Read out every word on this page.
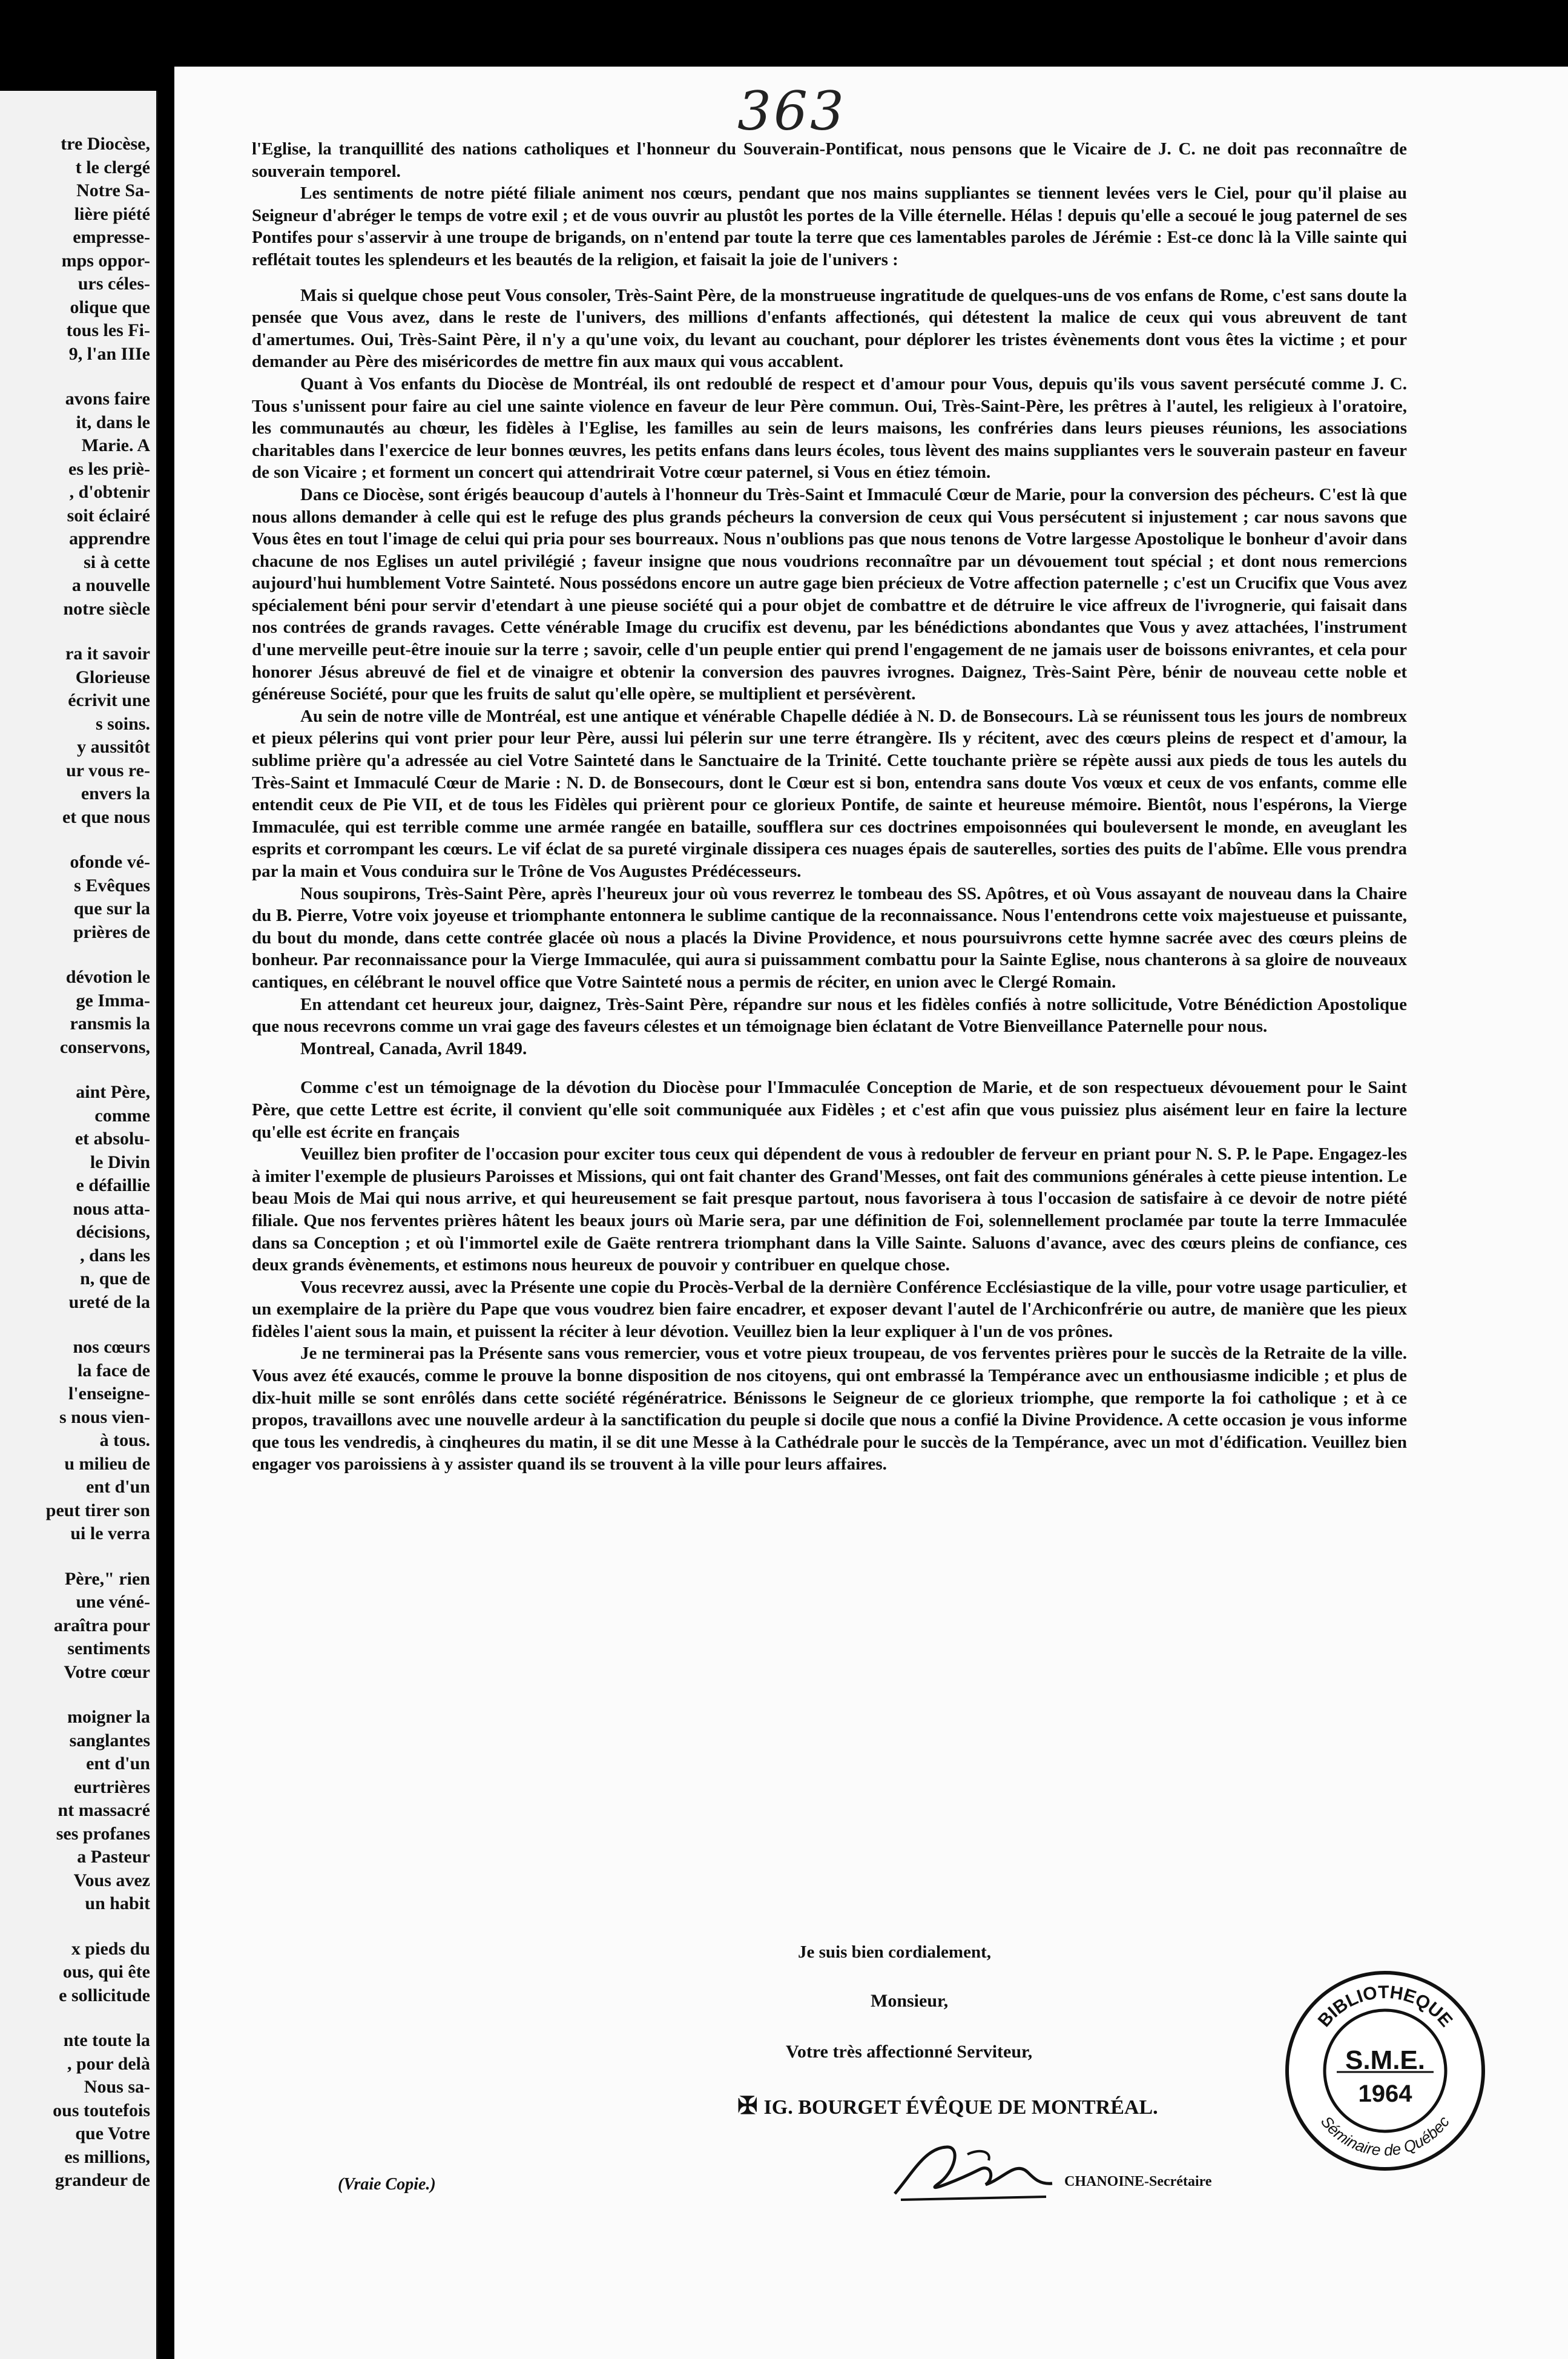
tre Diocèse,
t le clergé
Notre Sa-
lière piété
empresse-
mps oppor-
urs céles-
olique que
tous les Fi-
9, l'an IIIe
avons faire
it, dans le
Marie. A
es les priè-
, d'obtenir
soit éclairé
apprendre
si à cette
a nouvelle
notre siècle
ra it savoir
Glorieuse
écrivit une
s soins.
y aussitôt
ur vous re-
envers la
et que nous
ofonde vé-
s Evêques
que sur la
prières de
dévotion le
ge Imma-
ransmis la
conservons,
aint Père,
comme
et absolu-
le Divin
e défaillie
nous atta-
décisions,
, dans les
n, que de
ureté de la
nos cœurs
la face de
l'enseigne-
s nous vien-
à tous.
u milieu de
ent d'un
peut tirer son
ui le verra
Père," rien
une véné-
araîtra pour
sentiments
Votre cœur
moigner la
sanglantes
ent d'un
eurtrières
nt massacré
ses profanes
a Pasteur
Vous avez
un habit
x pieds du
ous, qui ête
e sollicitude
nte toute la
, pour delà
Nous sa-
ous toutefois
que Votre
es millions,
grandeur de
363

l'Eglise, la tranquillité des nations catholiques et l'honneur du Souverain-Pontificat, nous pensons que le Vicaire de J. C. ne doit pas reconnaître de souverain temporel.

Les sentiments de notre piété filiale animent nos cœurs, pendant que nos mains suppliantes se tiennent levées vers le Ciel, pour qu'il plaise au Seigneur d'abréger le temps de votre exil ; et de vous ouvrir au plustôt les portes de la Ville éternelle. Hélas ! depuis qu'elle a secoué le joug paternel de ses Pontifes pour s'asservir à une troupe de brigands, on n'entend par toute la terre que ces lamentables paroles de Jérémie : Est-ce donc là la Ville sainte qui reflétait toutes les splendeurs et les beautés de la religion, et faisait la joie de l'univers :

Mais si quelque chose peut Vous consoler, Très-Saint Père, de la monstrueuse ingratitude de quelques-uns de vos enfans de Rome, c'est sans doute la pensée que Vous avez, dans le reste de l'univers, des millions d'enfants affectionés, qui détestent la malice de ceux qui vous abreuvent de tant d'amertumes. Oui, Très-Saint Père, il n'y a qu'une voix, du levant au couchant, pour déplorer les tristes évènements dont vous êtes la victime ; et pour demander au Père des miséricordes de mettre fin aux maux qui vous accablent.

Quant à Vos enfants du Diocèse de Montréal, ils ont redoublé de respect et d'amour pour Vous, depuis qu'ils vous savent persécuté comme J. C. Tous s'unissent pour faire au ciel une sainte violence en faveur de leur Père commun. Oui, Très-Saint-Père, les prêtres à l'autel, les religieux à l'oratoire, les communautés au chœur, les fidèles à l'Eglise, les familles au sein de leurs maisons, les confréries dans leurs pieuses réunions, les associations charitables dans l'exercice de leur bonnes œuvres, les petits enfans dans leurs écoles, tous lèvent des mains suppliantes vers le souverain pasteur en faveur de son Vicaire ; et forment un concert qui attendrirait Votre cœur paternel, si Vous en étiez témoin.

Dans ce Diocèse, sont érigés beaucoup d'autels à l'honneur du Très-Saint et Immaculé Cœur de Marie, pour la conversion des pécheurs. C'est là que nous allons demander à celle qui est le refuge des plus grands pécheurs la conversion de ceux qui Vous persécutent si injustement ; car nous savons que Vous êtes en tout l'image de celui qui pria pour ses bourreaux. Nous n'oublions pas que nous tenons de Votre largesse Apostolique le bonheur d'avoir dans chacune de nos Eglises un autel privilégié ; faveur insigne que nous voudrions reconnaître par un dévouement tout spécial ; et dont nous remercions aujourd'hui humblement Votre Sainteté. Nous possédons encore un autre gage bien précieux de Votre affection paternelle ; c'est un Crucifix que Vous avez spécialement béni pour servir d'etendart à une pieuse société qui a pour objet de combattre et de détruire le vice affreux de l'ivrognerie, qui faisait dans nos contrées de grands ravages. Cette vénérable Image du crucifix est devenu, par les bénédictions abondantes que Vous y avez attachées, l'instrument d'une merveille peut-être inouie sur la terre ; savoir, celle d'un peuple entier qui prend l'engagement de ne jamais user de boissons enivrantes, et cela pour honorer Jésus abreuvé de fiel et de vinaigre et obtenir la conversion des pauvres ivrognes. Daignez, Très-Saint Père, bénir de nouveau cette noble et généreuse Société, pour que les fruits de salut qu'elle opère, se multiplient et persévèrent.

Au sein de notre ville de Montréal, est une antique et vénérable Chapelle dédiée à N. D. de Bonsecours. Là se réunissent tous les jours de nombreux et pieux pélerins qui vont prier pour leur Père, aussi lui pélerin sur une terre étrangère. Ils y récitent, avec des cœurs pleins de respect et d'amour, la sublime prière qu'a adressée au ciel Votre Sainteté dans le Sanctuaire de la Trinité. Cette touchante prière se répète aussi aux pieds de tous les autels du Très-Saint et Immaculé Cœur de Marie : N. D. de Bonsecours, dont le Cœur est si bon, entendra sans doute Vos vœux et ceux de vos enfants, comme elle entendit ceux de Pie VII, et de tous les Fidèles qui prièrent pour ce glorieux Pontife, de sainte et heureuse mémoire. Bientôt, nous l'espérons, la Vierge Immaculée, qui est terrible comme une armée rangée en bataille, soufflera sur ces doctrines empoisonnées qui bouleversent le monde, en aveuglant les esprits et corrompant les cœurs. Le vif éclat de sa pureté virginale dissipera ces nuages épais de sauterelles, sorties des puits de l'abîme. Elle vous prendra par la main et Vous conduira sur le Trône de Vos Augustes Prédécesseurs.

Nous soupirons, Très-Saint Père, après l'heureux jour où vous reverrez le tombeau des SS. Apôtres, et où Vous assayant de nouveau dans la Chaire du B. Pierre, Votre voix joyeuse et triomphante entonnera le sublime cantique de la reconnaissance. Nous l'entendrons cette voix majestueuse et puissante, du bout du monde, dans cette contrée glacée où nous a placés la Divine Providence, et nous poursuivrons cette hymne sacrée avec des cœurs pleins de bonheur. Par reconnaissance pour la Vierge Immaculée, qui aura si puissamment combattu pour la Sainte Eglise, nous chanterons à sa gloire de nouveaux cantiques, en célébrant le nouvel office que Votre Sainteté nous a permis de réciter, en union avec le Clergé Romain.

En attendant cet heureux jour, daignez, Très-Saint Père, répandre sur nous et les fidèles confiés à notre sollicitude, Votre Bénédiction Apostolique que nous recevrons comme un vrai gage des faveurs célestes et un témoignage bien éclatant de Votre Bienveillance Paternelle pour nous.

Montreal, Canada, Avril 1849.

Comme c'est un témoignage de la dévotion du Diocèse pour l'Immaculée Conception de Marie, et de son respectueux dévouement pour le Saint Père, que cette Lettre est écrite, il convient qu'elle soit communiquée aux Fidèles ; et c'est afin que vous puissiez plus aisément leur en faire la lecture qu'elle est écrite en français

Veuillez bien profiter de l'occasion pour exciter tous ceux qui dépendent de vous à redoubler de ferveur en priant pour N. S. P. le Pape. Engagez-les à imiter l'exemple de plusieurs Paroisses et Missions, qui ont fait chanter des Grand'Messes, ont fait des communions générales à cette pieuse intention. Le beau Mois de Mai qui nous arrive, et qui heureusement se fait presque partout, nous favorisera à tous l'occasion de satisfaire à ce devoir de notre piété filiale. Que nos ferventes prières hâtent les beaux jours où Marie sera, par une définition de Foi, solennellement proclamée par toute la terre Immaculée dans sa Conception ; et où l'immortel exile de Gaëte rentrera triomphant dans la Ville Sainte. Saluons d'avance, avec des cœurs pleins de confiance, ces deux grands évènements, et estimons nous heureux de pouvoir y contribuer en quelque chose.

Vous recevrez aussi, avec la Présente une copie du Procès-Verbal de la dernière Conférence Ecclésiastique de la ville, pour votre usage particulier, et un exemplaire de la prière du Pape que vous voudrez bien faire encadrer, et exposer devant l'autel de l'Archiconfrérie ou autre, de manière que les pieux fidèles l'aient sous la main, et puissent la réciter à leur dévotion. Veuillez bien la leur expliquer à l'un de vos prônes.

Je ne terminerai pas la Présente sans vous remercier, vous et votre pieux troupeau, de vos ferventes prières pour le succès de la Retraite de la ville. Vous avez été exaucés, comme le prouve la bonne disposition de nos citoyens, qui ont embrassé la Tempérance avec un enthousiasme indicible ; et plus de dix-huit mille se sont enrôlés dans cette société régénératrice. Bénissons le Seigneur de ce glorieux triomphe, que remporte la foi catholique ; et à ce propos, travaillons avec une nouvelle ardeur à la sanctification du peuple si docile que nous a confié la Divine Providence. A cette occasion je vous informe que tous les vendredis, à cinqheures du matin, il se dit une Messe à la Cathédrale pour le succès de la Tempérance, avec un mot d'édification. Veuillez bien engager vos paroissiens à y assister quand ils se trouvent à la ville pour leurs affaires.

Je suis bien cordialement,
Monsieur,
Votre très affectionné Serviteur,
✠ IG. BOURGET ÉVÊQUE DE MONTRÉAL.
(Vraie Copie.)	CHANOINE-Secrétaire
BIBLIOTHEQUE
Séminaire de Québec
S.M.E.
1964
